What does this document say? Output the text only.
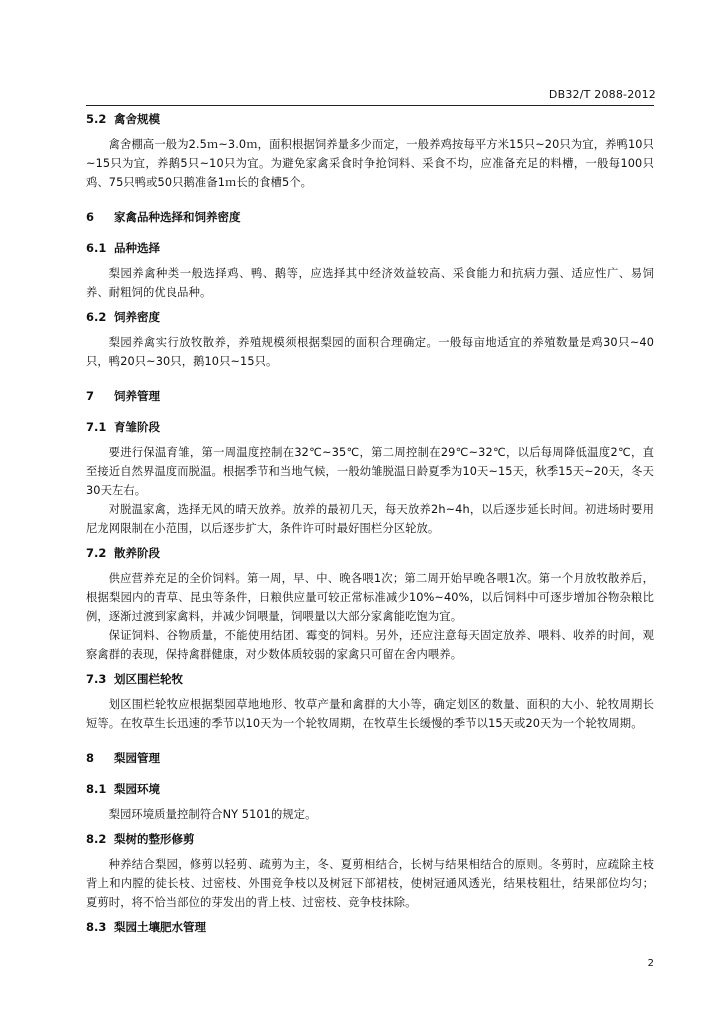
DB32/T 2088-2012

5.2 禽舍规模

禽舍棚高一般为2.5ｍ~3.0ｍ，面积根据饲养量多少而定，一般养鸡按每平方米15只~20只为宜，养鸭10只~15只为宜，养鹅5只~10只为宜。为避免家禽采食时争抢饲料、采食不均，应准备充足的料槽，一般每100只鸡、75只鸭或50只鹅准备1ｍ长的食槽5个。

6 家禽品种选择和饲养密度

6.1 品种选择

梨园养禽种类一般选择鸡、鸭、鹅等，应选择其中经济效益较高、采食能力和抗病力强、适应性广、易饲养、耐粗饲的优良品种。

6.2 饲养密度

梨园养禽实行放牧散养，养殖规模须根据梨园的面积合理确定。一般每亩地适宜的养殖数量是鸡30只~40只，鸭20只~30只，鹅10只~15只。

7 饲养管理

7.1 育雏阶段

要进行保温育雏，第一周温度控制在32℃~35℃，第二周控制在29℃~32℃，以后每周降低温度2℃，直至接近自然界温度而脱温。根据季节和当地气候，一般幼雏脱温日龄夏季为10天~15天，秋季15天~20天，冬天30天左右。

对脱温家禽，选择无风的晴天放养。放养的最初几天，每天放养2h~4h，以后逐步延长时间。初进场时要用尼龙网限制在小范围，以后逐步扩大，条件许可时最好围栏分区轮放。

7.2 散养阶段

供应营养充足的全价饲料。第一周，早、中、晚各喂1次；第二周开始早晚各喂1次。第一个月放牧散养后，根据梨园内的青草、昆虫等条件，日粮供应量可较正常标准减少10%~40%，以后饲料中可逐步增加谷物杂粮比例，逐渐过渡到家禽料，并减少饲喂量，饲喂量以大部分家禽能吃饱为宜。

保证饲料、谷物质量，不能使用结团、霉变的饲料。另外，还应注意每天固定放养、喂料、收养的时间，观察禽群的表现，保持禽群健康，对少数体质较弱的家禽只可留在舍内喂养。

7.3 划区围栏轮牧

划区围栏轮牧应根据梨园草地地形、牧草产量和禽群的大小等，确定划区的数量、面积的大小、轮牧周期长短等。在牧草生长迅速的季节以10天为一个轮牧周期，在牧草生长缓慢的季节以15天或20天为一个轮牧周期。

8 梨园管理

8.1 梨园环境

梨园环境质量控制符合NY 5101的规定。

8.2 梨树的整形修剪

种养结合梨园，修剪以轻剪、疏剪为主，冬、夏剪相结合，长树与结果相结合的原则。冬剪时，应疏除主枝背上和内膛的徒长枝、过密枝、外围竞争枝以及树冠下部裙枝，使树冠通风透光，结果枝粗壮，结果部位均匀；夏剪时，将不恰当部位的芽发出的背上枝、过密枝、竞争枝抹除。

8.3 梨园土壤肥水管理

2
